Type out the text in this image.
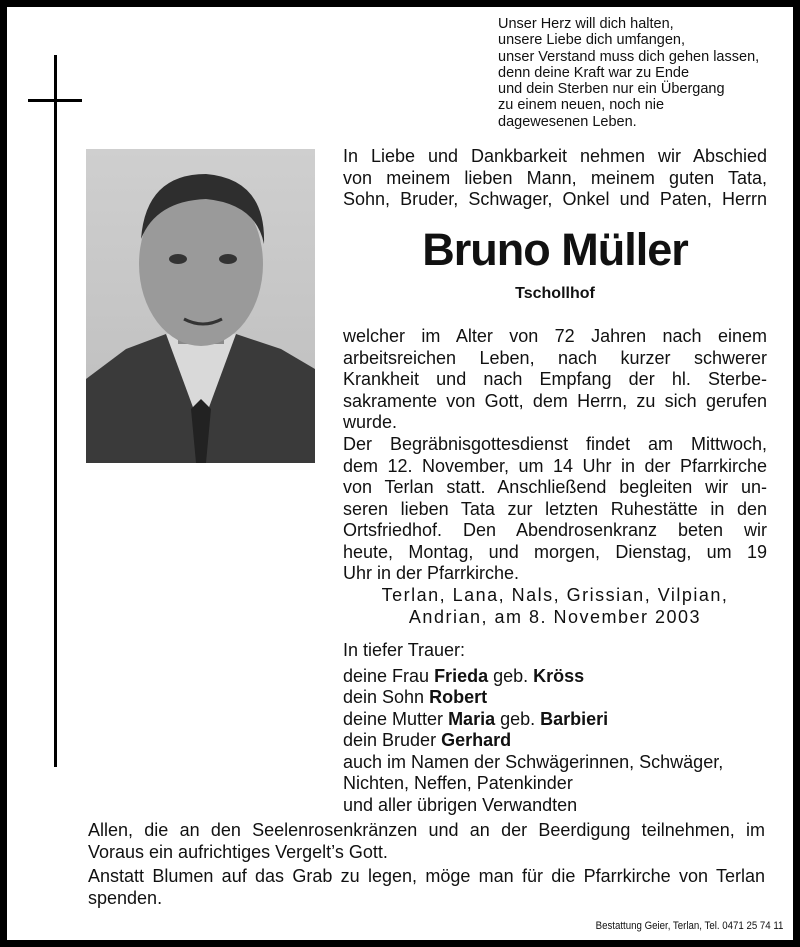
Unser Herz will dich halten,
unsere Liebe dich umfangen,
unser Verstand muss dich gehen lassen,
denn deine Kraft war zu Ende
und dein Sterben nur ein Übergang
zu einem neuen, noch nie
dagewesenen Leben.
In Liebe und Dankbarkeit nehmen wir Abschied
von meinem lieben Mann, meinem guten Tata,
Sohn, Bruder, Schwager, Onkel und Paten, Herrn
Bruno Müller
Tschollhof
welcher im Alter von 72 Jahren nach einem
arbeitsreichen Leben, nach kurzer schwerer
Krankheit und nach Empfang der hl. Sterbe-
sakramente von Gott, dem Herrn, zu sich gerufen
wurde.
Der Begräbnisgottesdienst findet am Mittwoch,
dem 12. November, um 14 Uhr in der Pfarrkirche
von Terlan statt. Anschließend begleiten wir un-
seren lieben Tata zur letzten Ruhestätte in den
Ortsfriedhof. Den Abendrosenkranz beten wir
heute, Montag, und morgen, Dienstag, um 19
Uhr in der Pfarrkirche.
Terlan, Lana, Nals, Grissian, Vilpian,
Andrian, am 8. November 2003
In tiefer Trauer:
deine Frau Frieda geb. Kröss
dein Sohn Robert
deine Mutter Maria geb. Barbieri
dein Bruder Gerhard
auch im Namen der Schwägerinnen, Schwäger,
Nichten, Neffen, Patenkinder
und aller übrigen Verwandten
Allen, die an den Seelenrosenkränzen und an der Beerdigung teilnehmen, im
Voraus ein aufrichtiges Vergelt’s Gott.
Anstatt Blumen auf das Grab zu legen, möge man für die Pfarrkirche von Terlan
spenden.
Bestattung Geier, Terlan, Tel. 0471 25 74 11
